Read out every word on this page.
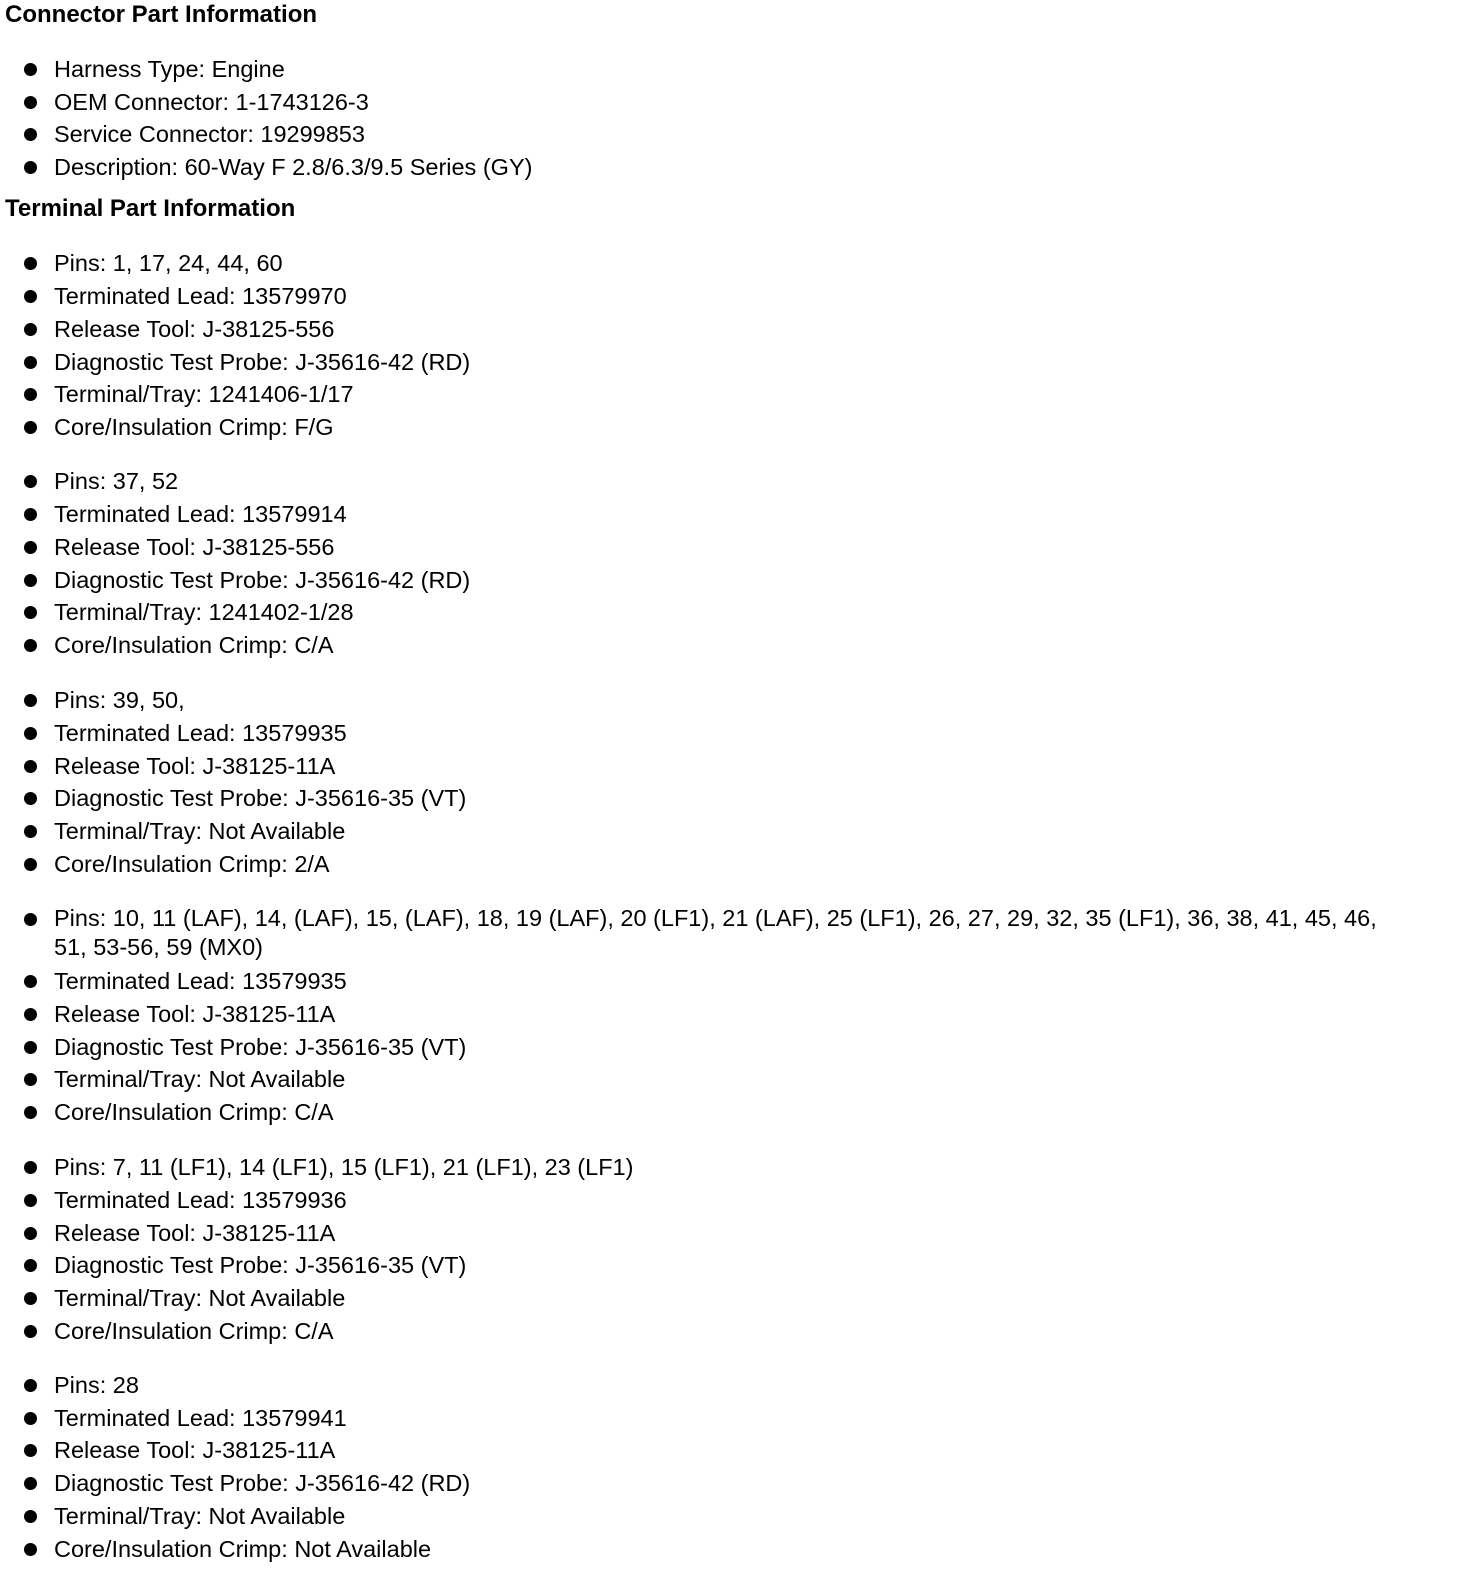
Connector Part Information
Harness Type: Engine
OEM Connector: 1-1743126-3
Service Connector: 19299853
Description: 60-Way F 2.8/6.3/9.5 Series (GY)
Terminal Part Information
Pins: 1, 17, 24, 44, 60
Terminated Lead: 13579970
Release Tool: J-38125-556
Diagnostic Test Probe: J-35616-42 (RD)
Terminal/Tray: 1241406-1/17
Core/Insulation Crimp: F/G
Pins: 37, 52
Terminated Lead: 13579914
Release Tool: J-38125-556
Diagnostic Test Probe: J-35616-42 (RD)
Terminal/Tray: 1241402-1/28
Core/Insulation Crimp: C/A
Pins: 39, 50,
Terminated Lead: 13579935
Release Tool: J-38125-11A
Diagnostic Test Probe: J-35616-35 (VT)
Terminal/Tray: Not Available
Core/Insulation Crimp: 2/A
Pins: 10, 11 (LAF), 14, (LAF), 15, (LAF), 18, 19 (LAF), 20 (LF1), 21 (LAF), 25 (LF1), 26, 27, 29, 32, 35 (LF1), 36, 38, 41, 45, 46, 51, 53-56, 59 (MX0)
Terminated Lead: 13579935
Release Tool: J-38125-11A
Diagnostic Test Probe: J-35616-35 (VT)
Terminal/Tray: Not Available
Core/Insulation Crimp: C/A
Pins: 7, 11 (LF1), 14 (LF1), 15 (LF1), 21 (LF1), 23 (LF1)
Terminated Lead: 13579936
Release Tool: J-38125-11A
Diagnostic Test Probe: J-35616-35 (VT)
Terminal/Tray: Not Available
Core/Insulation Crimp: C/A
Pins: 28
Terminated Lead: 13579941
Release Tool: J-38125-11A
Diagnostic Test Probe: J-35616-42 (RD)
Terminal/Tray: Not Available
Core/Insulation Crimp: Not Available
